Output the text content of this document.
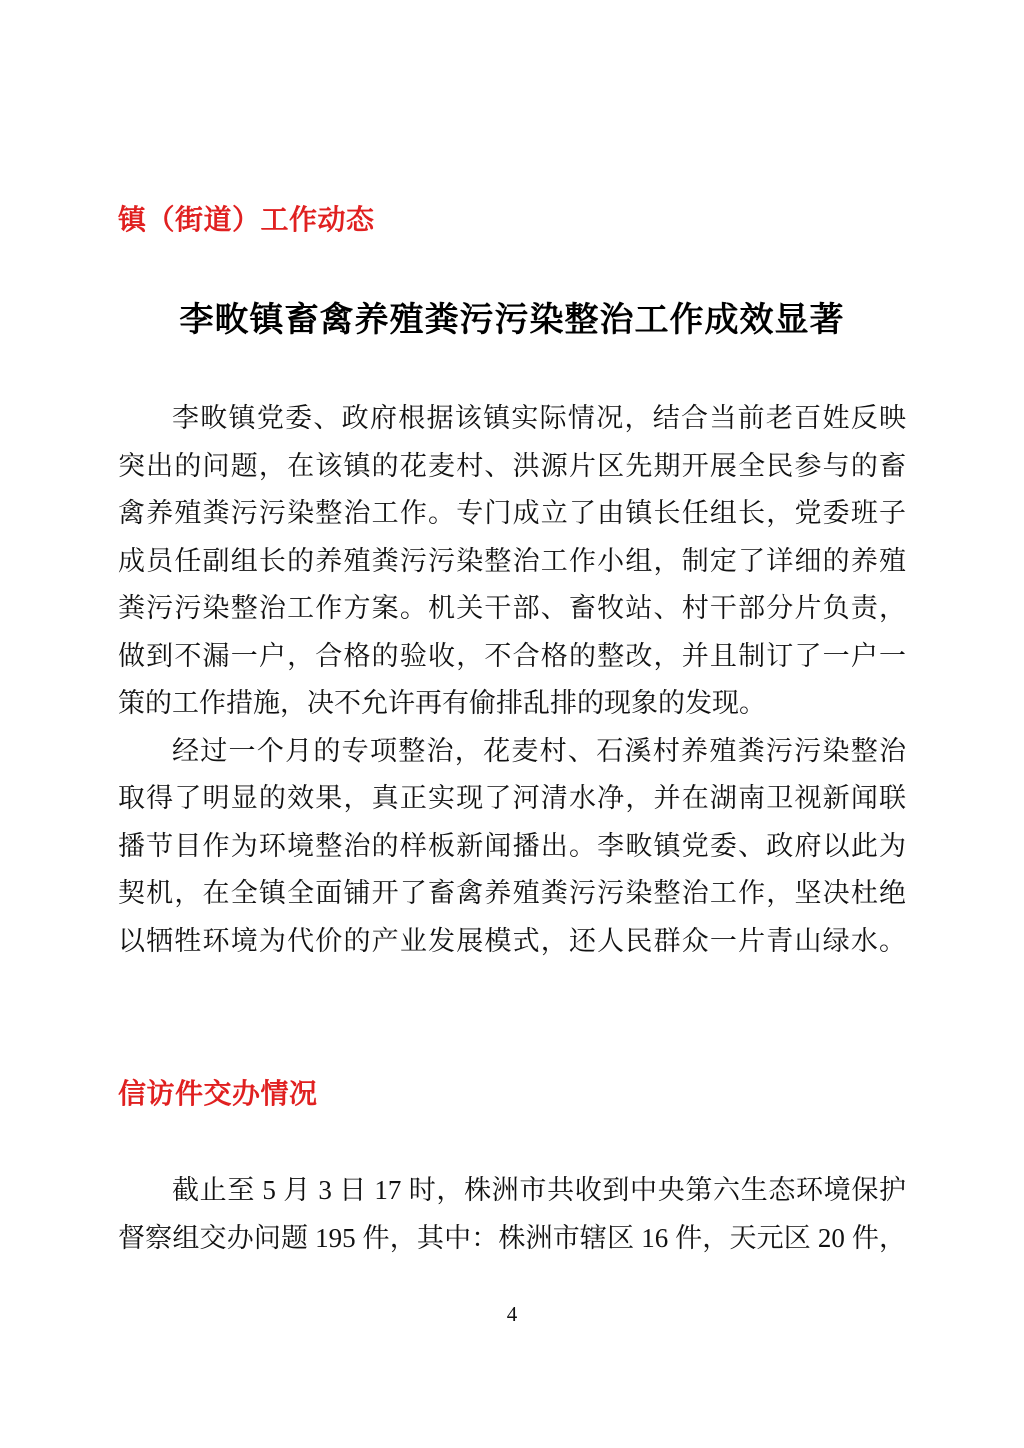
镇（街道）工作动态
李畋镇畜禽养殖粪污污染整治工作成效显著
李畋镇党委、政府根据该镇实际情况，结合当前老百姓反映
突出的问题，在该镇的花麦村、洪源片区先期开展全民参与的畜
禽养殖粪污污染整治工作。专门成立了由镇长任组长，党委班子
成员任副组长的养殖粪污污染整治工作小组，制定了详细的养殖
粪污污染整治工作方案。机关干部、畜牧站、村干部分片负责，
做到不漏一户，合格的验收，不合格的整改，并且制订了一户一
策的工作措施，决不允许再有偷排乱排的现象的发现。
经过一个月的专项整治，花麦村、石溪村养殖粪污污染整治
取得了明显的效果，真正实现了河清水净，并在湖南卫视新闻联
播节目作为环境整治的样板新闻播出。李畋镇党委、政府以此为
契机，在全镇全面铺开了畜禽养殖粪污污染整治工作，坚决杜绝
以牺牲环境为代价的产业发展模式，还人民群众一片青山绿水。
信访件交办情况
截止至 5 月 3 日 17 时，株洲市共收到中央第六生态环境保护
督察组交办问题 195 件，其中：株洲市辖区 16 件，天元区 20 件，
4
